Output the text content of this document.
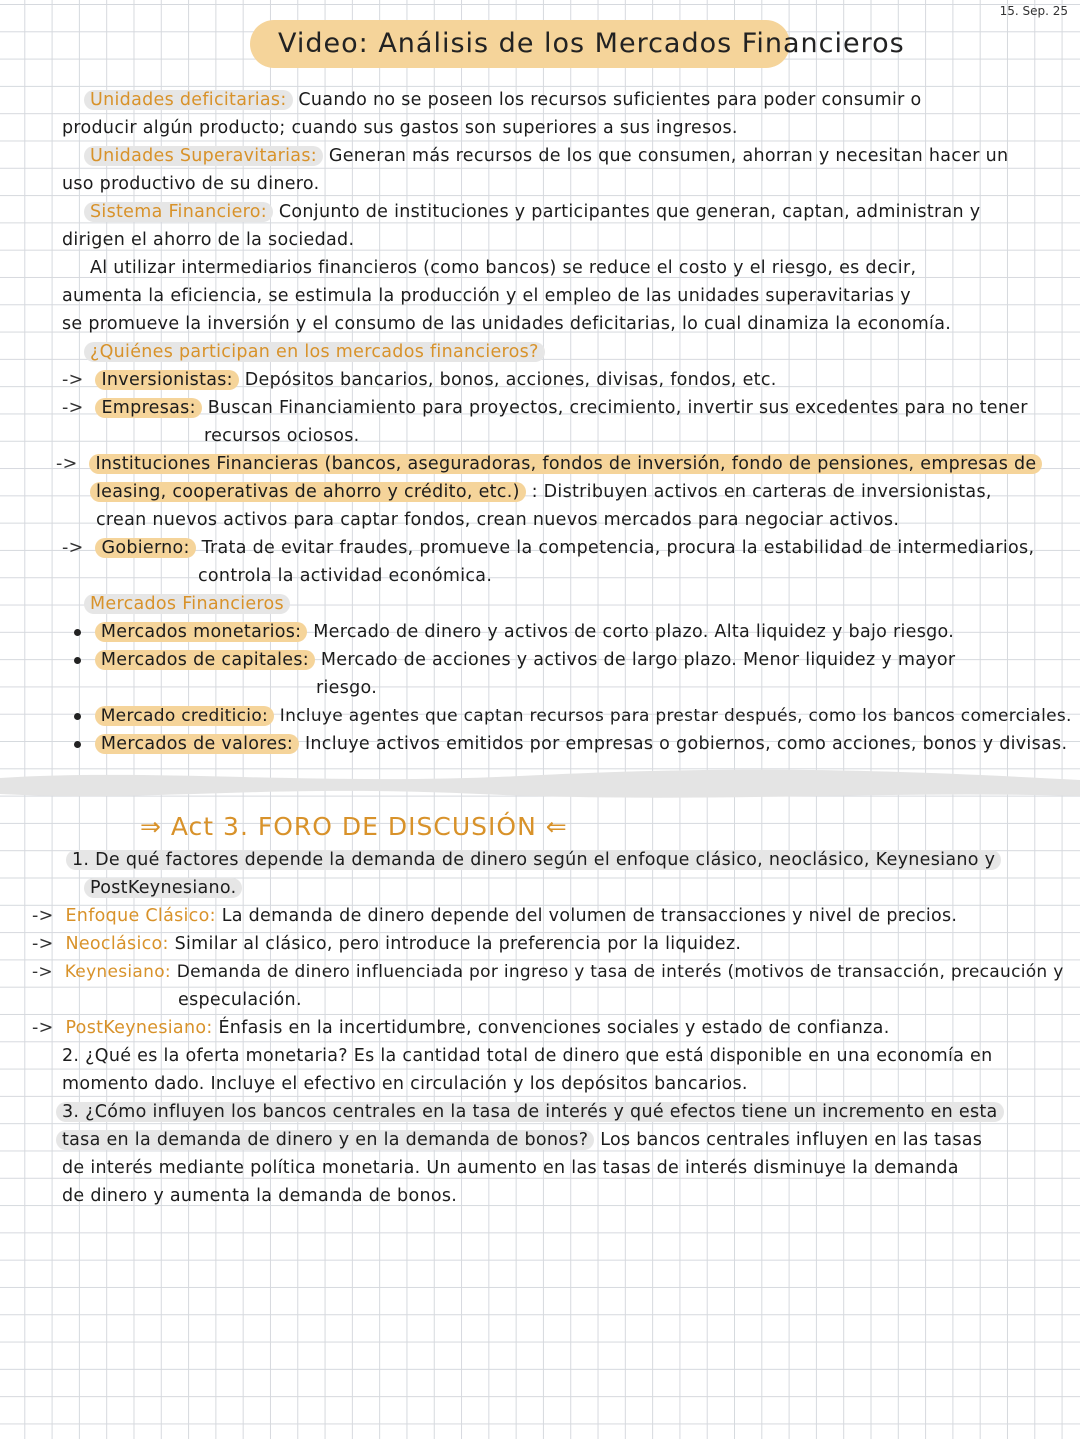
15. Sep. 25
Video: Análisis de los Mercados Financieros
Unidades deficitarias: Cuando no se poseen los recursos suficientes para poder consumir o
producir algún producto; cuando sus gastos son superiores a sus ingresos.
Unidades Superavitarias: Generan más recursos de los que consumen, ahorran y necesitan hacer un
uso productivo de su dinero.
Sistema Financiero: Conjunto de instituciones y participantes que generan, captan, administran y
dirigen el ahorro de la sociedad.
Al utilizar intermediarios financieros (como bancos) se reduce el costo y el riesgo, es decir,
aumenta la eficiencia, se estimula la producción y el empleo de las unidades superavitarias y
se promueve la inversión y el consumo de las unidades deficitarias, lo cual dinamiza la economía.
¿Quiénes participan en los mercados financieros?
-> Inversionistas: Depósitos bancarios, bonos, acciones, divisas, fondos, etc.
-> Empresas: Buscan Financiamiento para proyectos, crecimiento, invertir sus excedentes para no tener
recursos ociosos.
-> Instituciones Financieras (bancos, aseguradoras, fondos de inversión, fondo de pensiones, empresas de
leasing, cooperativas de ahorro y crédito, etc.) : Distribuyen activos en carteras de inversionistas,
crean nuevos activos para captar fondos, crean nuevos mercados para negociar activos.
-> Gobierno: Trata de evitar fraudes, promueve la competencia, procura la estabilidad de intermediarios,
controla la actividad económica.
Mercados Financieros
Mercados monetarios: Mercado de dinero y activos de corto plazo. Alta liquidez y bajo riesgo.
Mercados de capitales: Mercado de acciones y activos de largo plazo. Menor liquidez y mayor
riesgo.
Mercado crediticio: Incluye agentes que captan recursos para prestar después, como los bancos comerciales.
Mercados de valores: Incluye activos emitidos por empresas o gobiernos, como acciones, bonos y divisas.
⇒ Act 3. FORO DE DISCUSIÓN ⇐
1. De qué factores depende la demanda de dinero según el enfoque clásico, neoclásico, Keynesiano y
PostKeynesiano.
-> Enfoque Clásico: La demanda de dinero depende del volumen de transacciones y nivel de precios.
-> Neoclásico: Similar al clásico, pero introduce la preferencia por la liquidez.
-> Keynesiano: Demanda de dinero influenciada por ingreso y tasa de interés (motivos de transacción, precaución y
especulación.
-> PostKeynesiano: Énfasis en la incertidumbre, convenciones sociales y estado de confianza.
2. ¿Qué es la oferta monetaria? Es la cantidad total de dinero que está disponible en una economía en
momento dado. Incluye el efectivo en circulación y los depósitos bancarios.
3. ¿Cómo influyen los bancos centrales en la tasa de interés y qué efectos tiene un incremento en esta
tasa en la demanda de dinero y en la demanda de bonos? Los bancos centrales influyen en las tasas
de interés mediante política monetaria. Un aumento en las tasas de interés disminuye la demanda
de dinero y aumenta la demanda de bonos.
